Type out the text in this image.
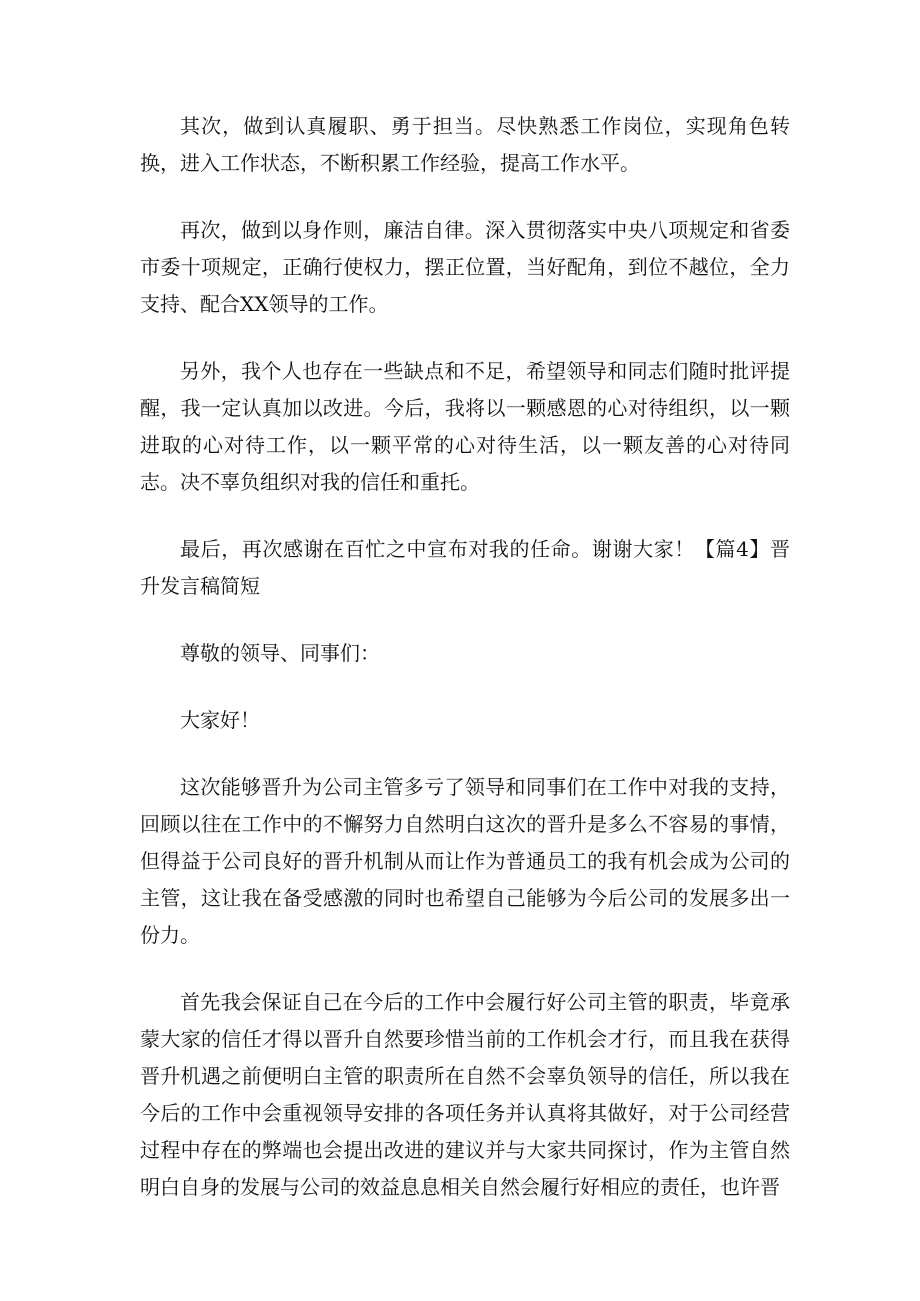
其次，做到认真履职、勇于担当。尽快熟悉工作岗位，实现角色转换，进入工作状态，不断积累工作经验，提高工作水平。

再次，做到以身作则，廉洁自律。深入贯彻落实中央八项规定和省委市委十项规定，正确行使权力，摆正位置，当好配角，到位不越位，全力支持、配合XX领导的工作。

另外，我个人也存在一些缺点和不足，希望领导和同志们随时批评提醒，我一定认真加以改进。今后，我将以一颗感恩的心对待组织，以一颗进取的心对待工作，以一颗平常的心对待生活，以一颗友善的心对待同志。决不辜负组织对我的信任和重托。

最后，再次感谢在百忙之中宣布对我的任命。谢谢大家！【篇4】晋升发言稿简短

尊敬的领导、同事们：

大家好！

这次能够晋升为公司主管多亏了领导和同事们在工作中对我的支持，回顾以往在工作中的不懈努力自然明白这次的晋升是多么不容易的事情，但得益于公司良好的晋升机制从而让作为普通员工的我有机会成为公司的主管，这让我在备受感激的同时也希望自己能够为今后公司的发展多出一份力。

首先我会保证自己在今后的工作中会履行好公司主管的职责，毕竟承蒙大家的信任才得以晋升自然要珍惜当前的工作机会才行，而且我在获得晋升机遇之前便明白主管的职责所在自然不会辜负领导的信任，所以我在今后的工作中会重视领导安排的各项任务并认真将其做好，对于公司经营过程中存在的弊端也会提出改进的建议并与大家共同探讨，作为主管自然明白自身的发展与公司的效益息息相关自然会履行好相应的责任，也许晋
